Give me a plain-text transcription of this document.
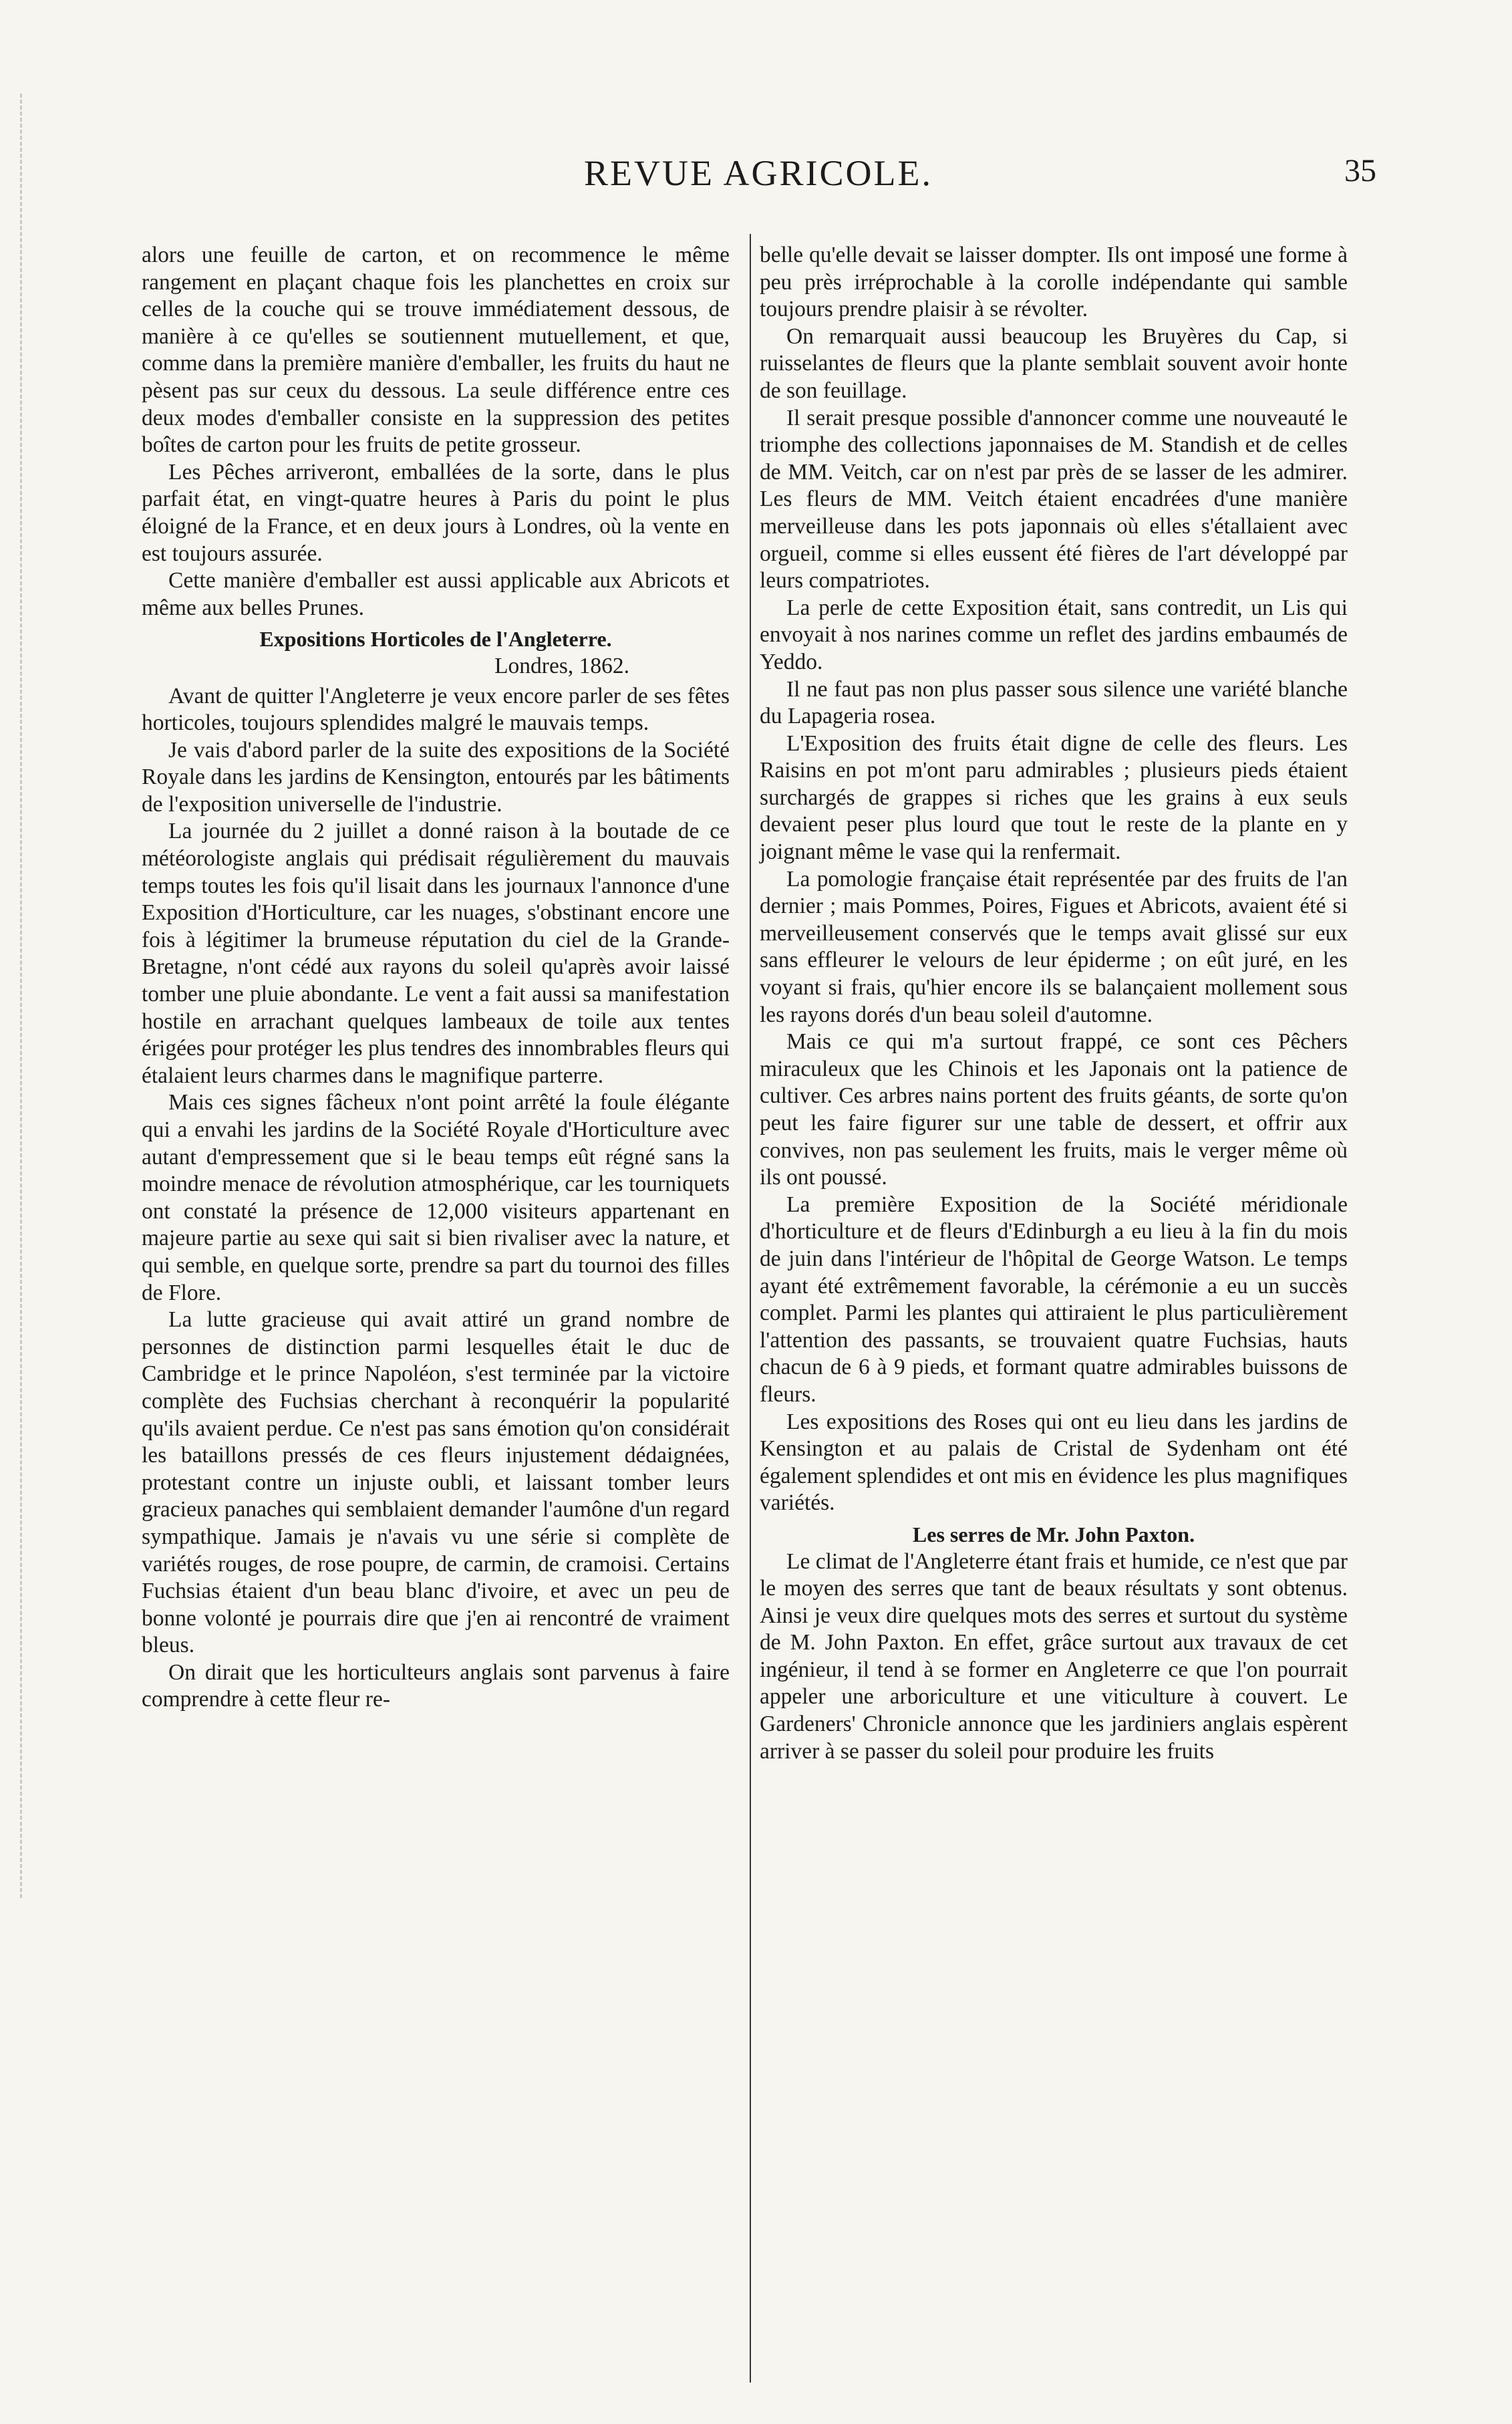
REVUE AGRICOLE.	35

alors une feuille de carton, et on recommence le même rangement en plaçant chaque fois les planchettes en croix sur celles de la couche qui se trouve immédiatement dessous, de manière à ce qu'elles se soutiennent mutuellement, et que, comme dans la première manière d'emballer, les fruits du haut ne pèsent pas sur ceux du dessous. La seule différence entre ces deux modes d'emballer consiste en la suppression des petites boîtes de carton pour les fruits de petite grosseur.

Les Pêches arriveront, emballées de la sorte, dans le plus parfait état, en vingt-quatre heures à Paris du point le plus éloigné de la France, et en deux jours à Londres, où la vente en est toujours assurée.

Cette manière d'emballer est aussi applicable aux Abricots et même aux belles Prunes.

Expositions Horticoles de l'Angleterre.
Londres, 1862.

Avant de quitter l'Angleterre je veux encore parler de ses fêtes horticoles, toujours splendides malgré le mauvais temps.

Je vais d'abord parler de la suite des expositions de la Société Royale dans les jardins de Kensington, entourés par les bâtiments de l'exposition universelle de l'industrie.

La journée du 2 juillet a donné raison à la boutade de ce météorologiste anglais qui prédisait régulièrement du mauvais temps toutes les fois qu'il lisait dans les journaux l'annonce d'une Exposition d'Horticulture, car les nuages, s'obstinant encore une fois à légitimer la brumeuse réputation du ciel de la Grande-Bretagne, n'ont cédé aux rayons du soleil qu'après avoir laissé tomber une pluie abondante. Le vent a fait aussi sa manifestation hostile en arrachant quelques lambeaux de toile aux tentes érigées pour protéger les plus tendres des innombrables fleurs qui étalaient leurs charmes dans le magnifique parterre.

Mais ces signes fâcheux n'ont point arrêté la foule élégante qui a envahi les jardins de la Société Royale d'Horticulture avec autant d'empressement que si le beau temps eût régné sans la moindre menace de révolution atmosphérique, car les tourniquets ont constaté la présence de 12,000 visiteurs appartenant en majeure partie au sexe qui sait si bien rivaliser avec la nature, et qui semble, en quelque sorte, prendre sa part du tournoi des filles de Flore.

La lutte gracieuse qui avait attiré un grand nombre de personnes de distinction parmi lesquelles était le duc de Cambridge et le prince Napoléon, s'est terminée par la victoire complète des Fuchsias cherchant à reconquérir la popularité qu'ils avaient perdue. Ce n'est pas sans émotion qu'on considérait les bataillons pressés de ces fleurs injustement dédaignées, protestant contre un injuste oubli, et laissant tomber leurs gracieux panaches qui semblaient demander l'aumône d'un regard sympathique. Jamais je n'avais vu une série si complète de variétés rouges, de rose poupre, de carmin, de cramoisi. Certains Fuchsias étaient d'un beau blanc d'ivoire, et avec un peu de bonne volonté je pourrais dire que j'en ai rencontré de vraiment bleus.

On dirait que les horticulteurs anglais sont parvenus à faire comprendre à cette fleur re-

belle qu'elle devait se laisser dompter. Ils ont imposé une forme à peu près irréprochable à la corolle indépendante qui samble toujours prendre plaisir à se révolter.

On remarquait aussi beaucoup les Bruyères du Cap, si ruisselantes de fleurs que la plante semblait souvent avoir honte de son feuillage.

Il serait presque possible d'annoncer comme une nouveauté le triomphe des collections japonnaises de M. Standish et de celles de MM. Veitch, car on n'est par près de se lasser de les admirer. Les fleurs de MM. Veitch étaient encadrées d'une manière merveilleuse dans les pots japonnais où elles s'étallaient avec orgueil, comme si elles eussent été fières de l'art développé par leurs compatriotes.

La perle de cette Exposition était, sans contredit, un Lis qui envoyait à nos narines comme un reflet des jardins embaumés de Yeddo.

Il ne faut pas non plus passer sous silence une variété blanche du Lapageria rosea.

L'Exposition des fruits était digne de celle des fleurs. Les Raisins en pot m'ont paru admirables ; plusieurs pieds étaient surchargés de grappes si riches que les grains à eux seuls devaient peser plus lourd que tout le reste de la plante en y joignant même le vase qui la renfermait.

La pomologie française était représentée par des fruits de l'an dernier ; mais Pommes, Poires, Figues et Abricots, avaient été si merveilleusement conservés que le temps avait glissé sur eux sans effleurer le velours de leur épiderme ; on eût juré, en les voyant si frais, qu'hier encore ils se balançaient mollement sous les rayons dorés d'un beau soleil d'automne.

Mais ce qui m'a surtout frappé, ce sont ces Pêchers miraculeux que les Chinois et les Japonais ont la patience de cultiver. Ces arbres nains portent des fruits géants, de sorte qu'on peut les faire figurer sur une table de dessert, et offrir aux convives, non pas seulement les fruits, mais le verger même où ils ont poussé.

La première Exposition de la Société méridionale d'horticulture et de fleurs d'Edinburgh a eu lieu à la fin du mois de juin dans l'intérieur de l'hôpital de George Watson. Le temps ayant été extrêmement favorable, la cérémonie a eu un succès complet. Parmi les plantes qui attiraient le plus particulièrement l'attention des passants, se trouvaient quatre Fuchsias, hauts chacun de 6 à 9 pieds, et formant quatre admirables buissons de fleurs.

Les expositions des Roses qui ont eu lieu dans les jardins de Kensington et au palais de Cristal de Sydenham ont été également splendides et ont mis en évidence les plus magnifiques variétés.

Les serres de Mr. John Paxton.

Le climat de l'Angleterre étant frais et humide, ce n'est que par le moyen des serres que tant de beaux résultats y sont obtenus. Ainsi je veux dire quelques mots des serres et surtout du système de M. John Paxton. En effet, grâce surtout aux travaux de cet ingénieur, il tend à se former en Angleterre ce que l'on pourrait appeler une arboriculture et une viticulture à couvert. Le Gardeners' Chronicle annonce que les jardiniers anglais espèrent arriver à se passer du soleil pour produire les fruits
